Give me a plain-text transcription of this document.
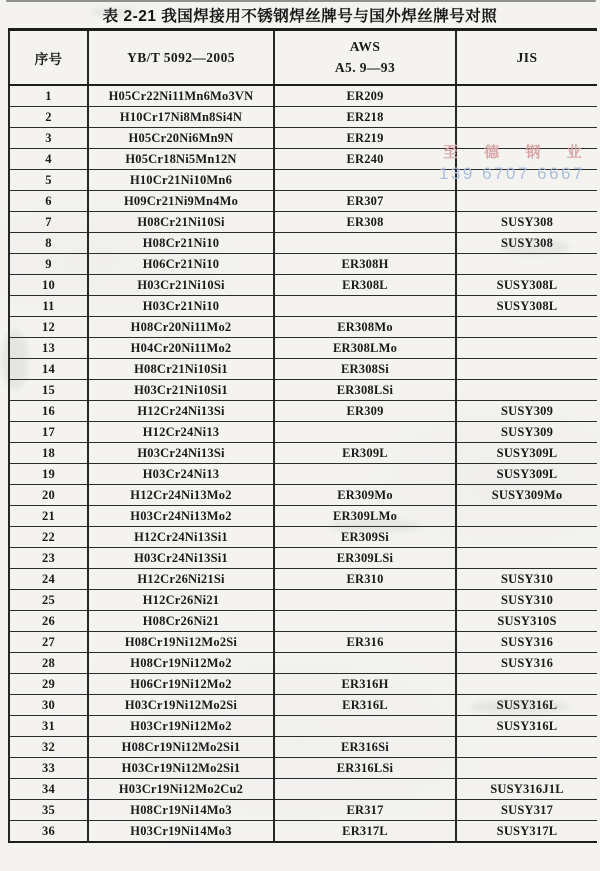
表 2-21 我国焊接用不锈钢焊丝牌号与国外焊丝牌号对照
序号	YB/T 5092—2005	AWS
A5. 9—93	JIS
1	H05Cr22Ni11Mn6Mo3VN	ER209	
2	H10Cr17Ni8Mn8Si4N	ER218	
3	H05Cr20Ni6Mn9N	ER219	
4	H05Cr18Ni5Mn12N	ER240	
5	H10Cr21Ni10Mn6		
6	H09Cr21Ni9Mn4Mo	ER307	
7	H08Cr21Ni10Si	ER308	SUSY308
8	H08Cr21Ni10		SUSY308
9	H06Cr21Ni10	ER308H	
10	H03Cr21Ni10Si	ER308L	SUSY308L
11	H03Cr21Ni10		SUSY308L
12	H08Cr20Ni11Mo2	ER308Mo	
13	H04Cr20Ni11Mo2	ER308LMo	
14	H08Cr21Ni10Si1	ER308Si	
15	H03Cr21Ni10Si1	ER308LSi	
16	H12Cr24Ni13Si	ER309	SUSY309
17	H12Cr24Ni13		SUSY309
18	H03Cr24Ni13Si	ER309L	SUSY309L
19	H03Cr24Ni13		SUSY309L
20	H12Cr24Ni13Mo2	ER309Mo	SUSY309Mo
21	H03Cr24Ni13Mo2	ER309LMo	
22	H12Cr24Ni13Si1	ER309Si	
23	H03Cr24Ni13Si1	ER309LSi	
24	H12Cr26Ni21Si	ER310	SUSY310
25	H12Cr26Ni21		SUSY310
26	H08Cr26Ni21		SUSY310S
27	H08Cr19Ni12Mo2Si	ER316	SUSY316
28	H08Cr19Ni12Mo2		SUSY316
29	H06Cr19Ni12Mo2	ER316H	
30	H03Cr19Ni12Mo2Si	ER316L	SUSY316L
31	H03Cr19Ni12Mo2		SUSY316L
32	H08Cr19Ni12Mo2Si1	ER316Si	
33	H03Cr19Ni12Mo2Si1	ER316LSi	
34	H03Cr19Ni12Mo2Cu2		SUSY316J1L
35	H08Cr19Ni14Mo3	ER317	SUSY317
36	H03Cr19Ni14Mo3	ER317L	SUSY317L
至 德 钢 业
139 6707 6667
